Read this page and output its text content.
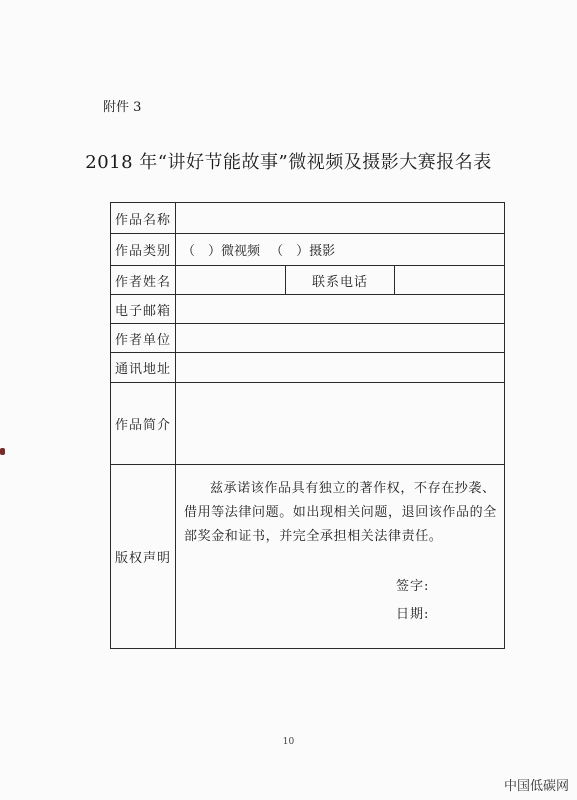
附件 3
2018 年“讲好节能故事”微视频及摄影大赛报名表
作品名称			
作品类别	（　）微视频 （　）摄影		

作者姓名		联系电话	
电子邮箱			
作者单位			
通讯地址			
作品简介			
版权声明	兹承诺该作品具有独立的著作权，不存在抄袭、借用等法律问题。如出现相关问题，退回该作品的全部奖金和证书，并完全承担相关法律责任。
签字:
日期:		
10
中国低碳网
